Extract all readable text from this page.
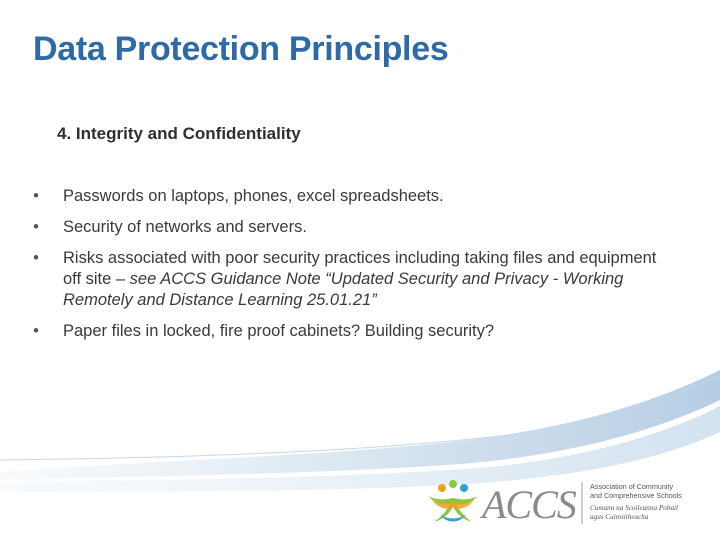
Data Protection Principles
4. Integrity and Confidentiality
• Passwords on laptops, phones, excel spreadsheets.
• Security of networks and servers.
• Risks associated with poor security practices including taking files and equipment off site – see ACCS Guidance Note “Updated Security and Privacy - Working Remotely and Distance Learning 25.01.21”
• Paper files in locked, fire proof cabinets? Building security?
ACCS Association of Community
and Comprehensive Schools
Cumann na Scoileanna Pobail
agus Cuimsitheacha
